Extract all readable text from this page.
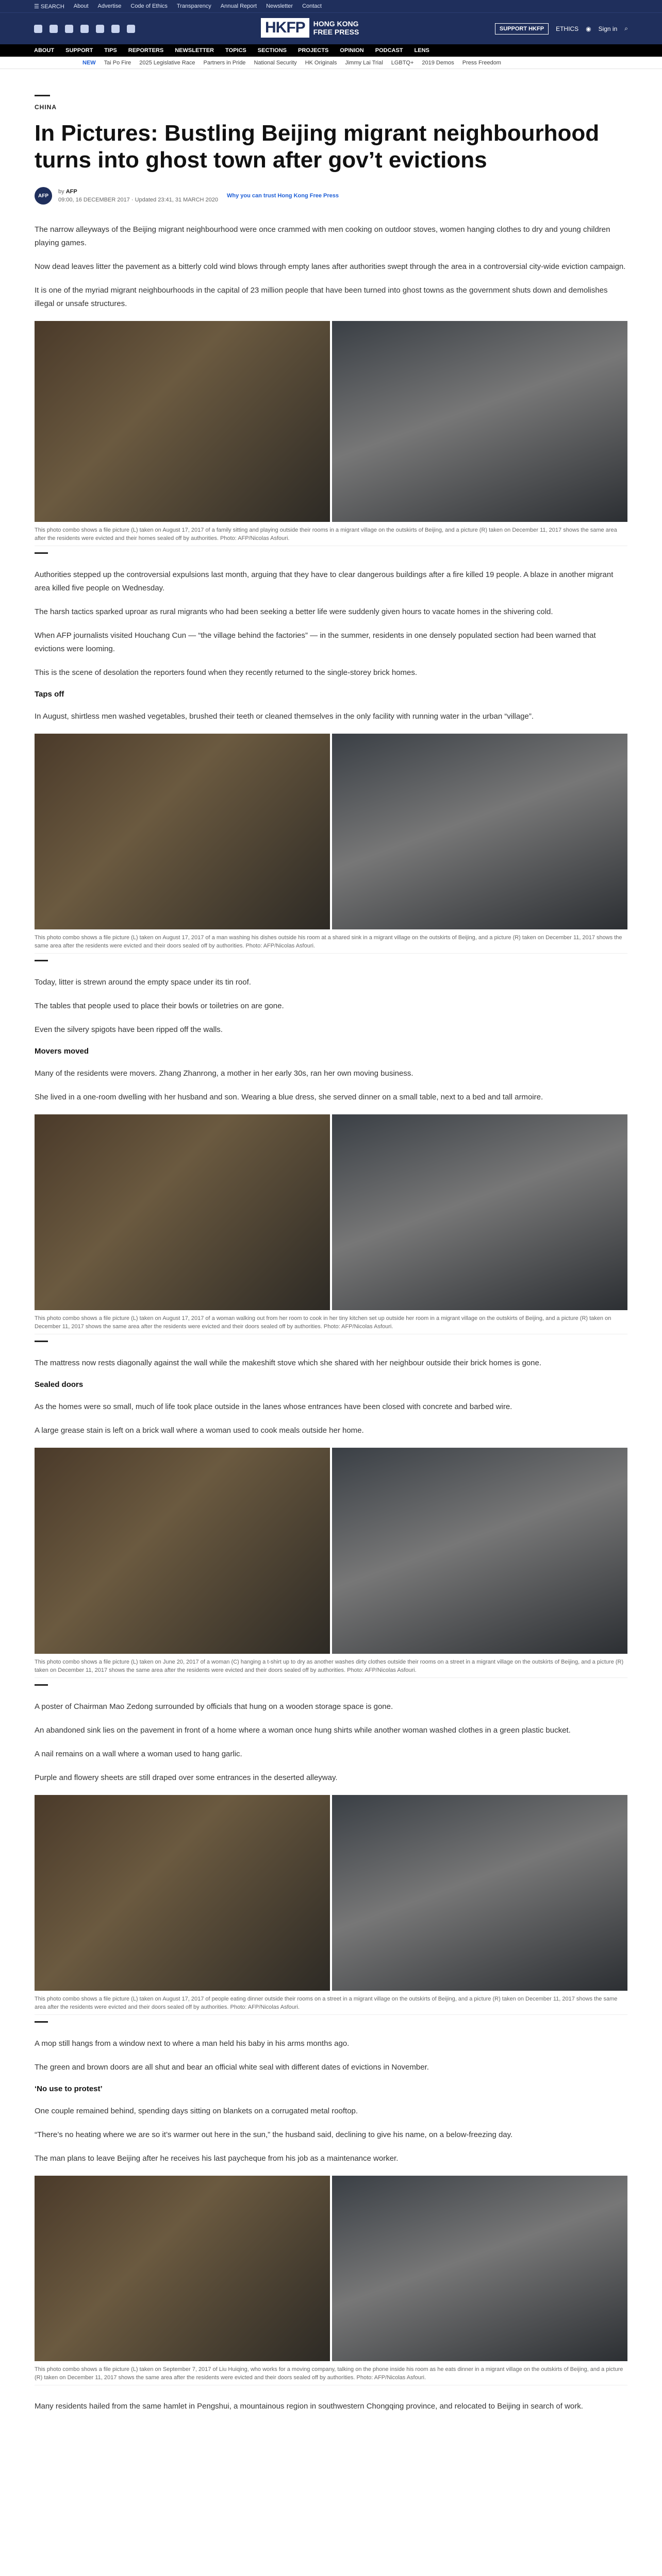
☰ SEARCH About Advertise Code of Ethics Transparency Annual Report Newsletter Contact
HKFP	HONG KONG FREE PRESS	SUPPORT HKFP	ETHICS ◉ Sign in ⌕
ABOUT SUPPORT TIPS REPORTERS NEWSLETTER TOPICS SECTIONS PROJECTS OPINION PODCAST LENS
NEW Tai Po Fire 2025 Legislative Race Partners in Pride National Security HK Originals Jimmy Lai Trial LGBTQ+ 2019 Demos Press Freedom
CHINA
In Pictures: Bustling Beijing migrant neighbourhood turns into ghost town after gov’t evictions
AFP
by AFP
09:00, 16 DECEMBER 2017 · Updated 23:41, 31 MARCH 2020
Why you can trust Hong Kong Free Press

The narrow alleyways of the Beijing migrant neighbourhood were once crammed with men cooking on outdoor stoves, women hanging clothes to dry and young children playing games.

Now dead leaves litter the pavement as a bitterly cold wind blows through empty lanes after authorities swept through the area in a controversial city-wide eviction campaign.

It is one of the myriad migrant neighbourhoods in the capital of 23 million people that have been turned into ghost towns as the government shuts down and demolishes illegal or unsafe structures.

This photo combo shows a file picture (L) taken on August 17, 2017 of a family sitting and playing outside their rooms in a migrant village on the outskirts of Beijing, and a picture (R) taken on December 11, 2017 shows the same area after the residents were evicted and their homes sealed off by authorities. Photo: AFP/Nicolas Asfouri.

Authorities stepped up the controversial expulsions last month, arguing that they have to clear dangerous buildings after a fire killed 19 people. A blaze in another migrant area killed five people on Wednesday.

The harsh tactics sparked uproar as rural migrants who had been seeking a better life were suddenly given hours to vacate homes in the shivering cold.

When AFP journalists visited Houchang Cun — “the village behind the factories” — in the summer, residents in one densely populated section had been warned that evictions were looming.

This is the scene of desolation the reporters found when they recently returned to the single-storey brick homes.

Taps off

In August, shirtless men washed vegetables, brushed their teeth or cleaned themselves in the only facility with running water in the urban “village”.

This photo combo shows a file picture (L) taken on August 17, 2017 of a man washing his dishes outside his room at a shared sink in a migrant village on the outskirts of Beijing, and a picture (R) taken on December 11, 2017 shows the same area after the residents were evicted and their doors sealed off by authorities. Photo: AFP/Nicolas Asfouri.

Today, litter is strewn around the empty space under its tin roof.

The tables that people used to place their bowls or toiletries on are gone.

Even the silvery spigots have been ripped off the walls.

Movers moved

Many of the residents were movers. Zhang Zhanrong, a mother in her early 30s, ran her own moving business.

She lived in a one-room dwelling with her husband and son. Wearing a blue dress, she served dinner on a small table, next to a bed and tall armoire.

This photo combo shows a file picture (L) taken on August 17, 2017 of a woman walking out from her room to cook in her tiny kitchen set up outside her room in a migrant village on the outskirts of Beijing, and a picture (R) taken on December 11, 2017 shows the same area after the residents were evicted and their doors sealed off by authorities. Photo: AFP/Nicolas Asfouri.

The mattress now rests diagonally against the wall while the makeshift stove which she shared with her neighbour outside their brick homes is gone.

Sealed doors

As the homes were so small, much of life took place outside in the lanes whose entrances have been closed with concrete and barbed wire.

A large grease stain is left on a brick wall where a woman used to cook meals outside her home.

This photo combo shows a file picture (L) taken on June 20, 2017 of a woman (C) hanging a t-shirt up to dry as another washes dirty clothes outside their rooms on a street in a migrant village on the outskirts of Beijing, and a picture (R) taken on December 11, 2017 shows the same area after the residents were evicted and their doors sealed off by authorities. Photo: AFP/Nicolas Asfouri.

A poster of Chairman Mao Zedong surrounded by officials that hung on a wooden storage space is gone.

An abandoned sink lies on the pavement in front of a home where a woman once hung shirts while another woman washed clothes in a green plastic bucket.

A nail remains on a wall where a woman used to hang garlic.

Purple and flowery sheets are still draped over some entrances in the deserted alleyway.

This photo combo shows a file picture (L) taken on August 17, 2017 of people eating dinner outside their rooms on a street in a migrant village on the outskirts of Beijing, and a picture (R) taken on December 11, 2017 shows the same area after the residents were evicted and their doors sealed off by authorities. Photo: AFP/Nicolas Asfouri.

A mop still hangs from a window next to where a man held his baby in his arms months ago.

The green and brown doors are all shut and bear an official white seal with different dates of evictions in November.

‘No use to protest’

One couple remained behind, spending days sitting on blankets on a corrugated metal rooftop.

“There’s no heating where we are so it’s warmer out here in the sun,” the husband said, declining to give his name, on a below-freezing day.

The man plans to leave Beijing after he receives his last paycheque from his job as a maintenance worker.

This photo combo shows a file picture (L) taken on September 7, 2017 of Liu Huiqing, who works for a moving company, talking on the phone inside his room as he eats dinner in a migrant village on the outskirts of Beijing, and a picture (R) taken on December 11, 2017 shows the same area after the residents were evicted and their doors sealed off by authorities. Photo: AFP/Nicolas Asfouri.

Many residents hailed from the same hamlet in Pengshui, a mountainous region in southwestern Chongqing province, and relocated to Beijing in search of work.
